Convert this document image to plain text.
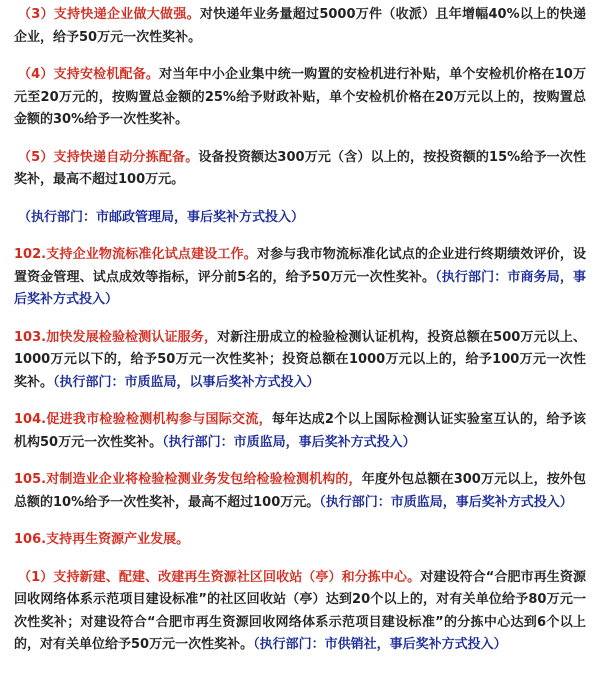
（3）支持快递企业做大做强。对快递年业务量超过5000万件（收派）且年增幅40%以上的快递企业，给予50万元一次性奖补。

（4）支持安检机配备。对当年中小企业集中统一购置的安检机进行补贴，单个安检机价格在10万元至20万元的，按购置总金额的25%给予财政补贴，单个安检机价格在20万元以上的，按购置总金额的30%给予一次性奖补。

（5）支持快递自动分拣配备。设备投资额达300万元（含）以上的，按投资额的15%给予一次性奖补，最高不超过100万元。

（执行部门：市邮政管理局，事后奖补方式投入）

102.支持企业物流标准化试点建设工作。对参与我市物流标准化试点的企业进行终期绩效评价，设置资金管理、试点成效等指标，评分前5名的，给予50万元一次性奖补。（执行部门：市商务局，事后奖补方式投入）

103.加快发展检验检测认证服务，对新注册成立的检验检测认证机构，投资总额在500万元以上、1000万元以下的，给予50万元一次性奖补；投资总额在1000万元以上的，给予100万元一次性奖补。（执行部门：市质监局，以事后奖补方式投入）

104.促进我市检验检测机构参与国际交流，每年达成2个以上国际检测认证实验室互认的，给予该机构50万元一次性奖补。（执行部门：市质监局，事后奖补方式投入）

105.对制造业企业将检验检测业务发包给检验检测机构的，年度外包总额在300万元以上，按外包总额的10%给予一次性奖补，最高不超过100万元。（执行部门：市质监局，事后奖补方式投入）

106.支持再生资源产业发展。

（1）支持新建、配建、改建再生资源社区回收站（亭）和分拣中心。对建设符合“合肥市再生资源回收网络体系示范项目建设标准”的社区回收站（亭）达到20个以上的，对有关单位给予80万元一次性奖补；对建设符合“合肥市再生资源回收网络体系示范项目建设标准”的分拣中心达到6个以上的，对有关单位给予50万元一次性奖补。（执行部门：市供销社，事后奖补方式投入）
